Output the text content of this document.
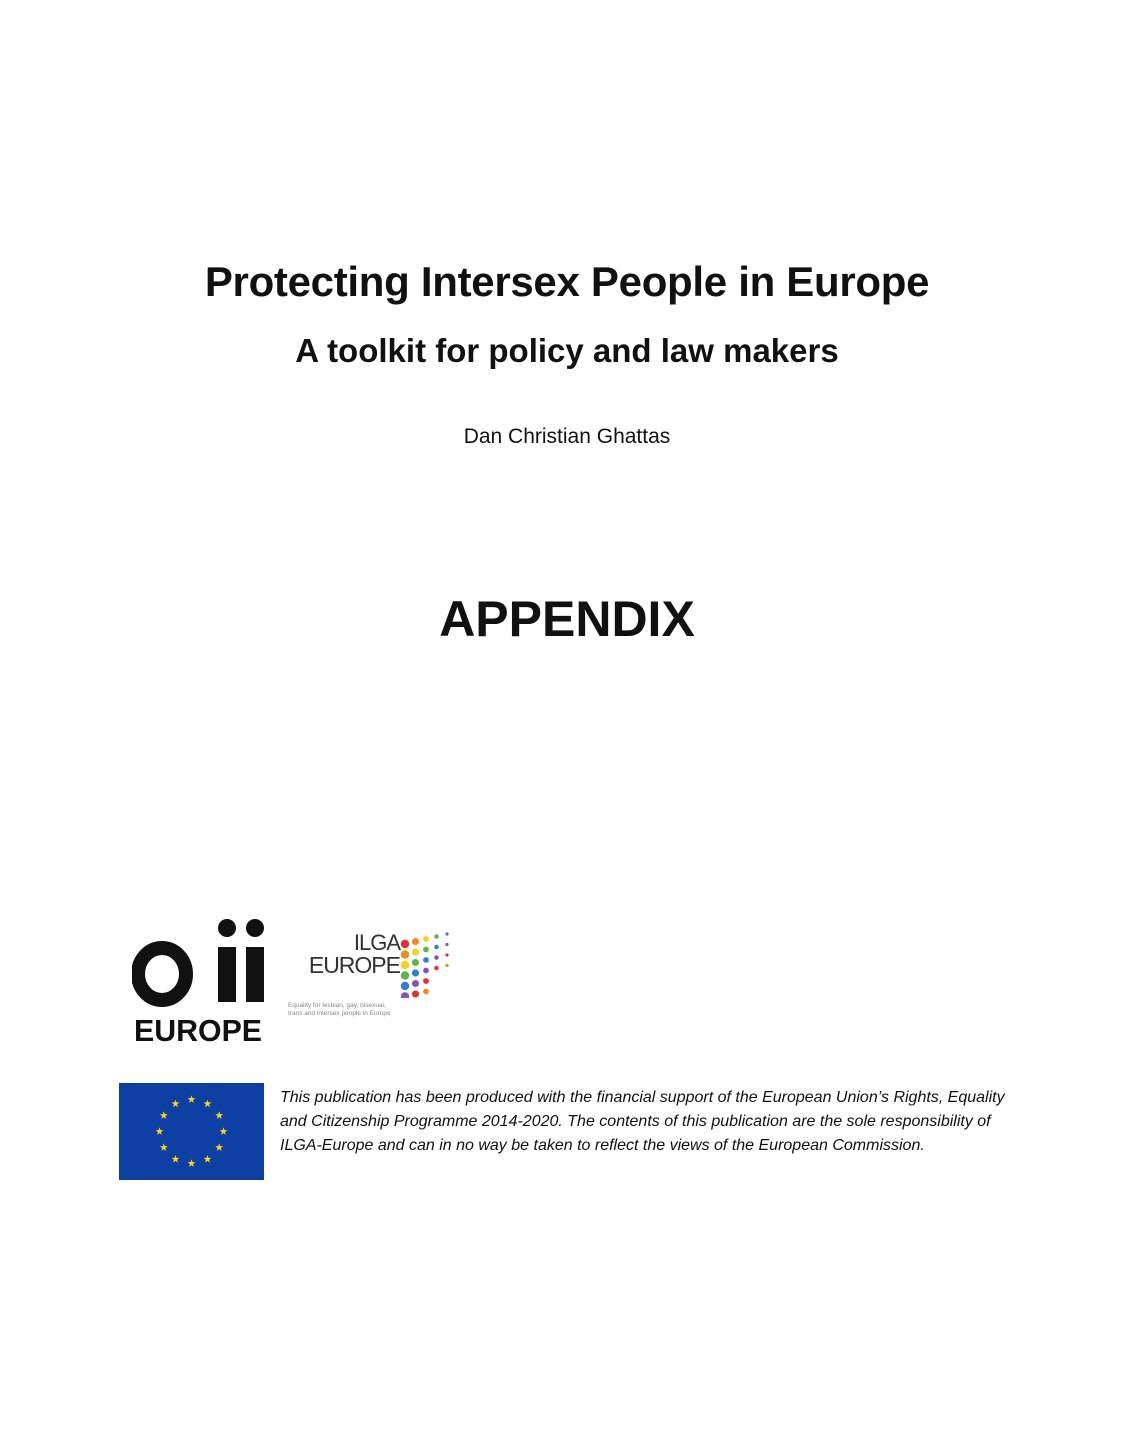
Protecting Intersex People in Europe
A toolkit for policy and law makers

Dan Christian Ghattas

APPENDIX
EUROPE
ILGA
EUROPE
Equality for lesbian, gay, bisexual, trans and intersex people in Europe

This publication has been produced with the financial support of the European Union’s Rights, Equality and Citizenship Programme 2014-2020. The contents of this publication are the sole responsibility of ILGA-Europe and can in no way be taken to reflect the views of the European Commission.
